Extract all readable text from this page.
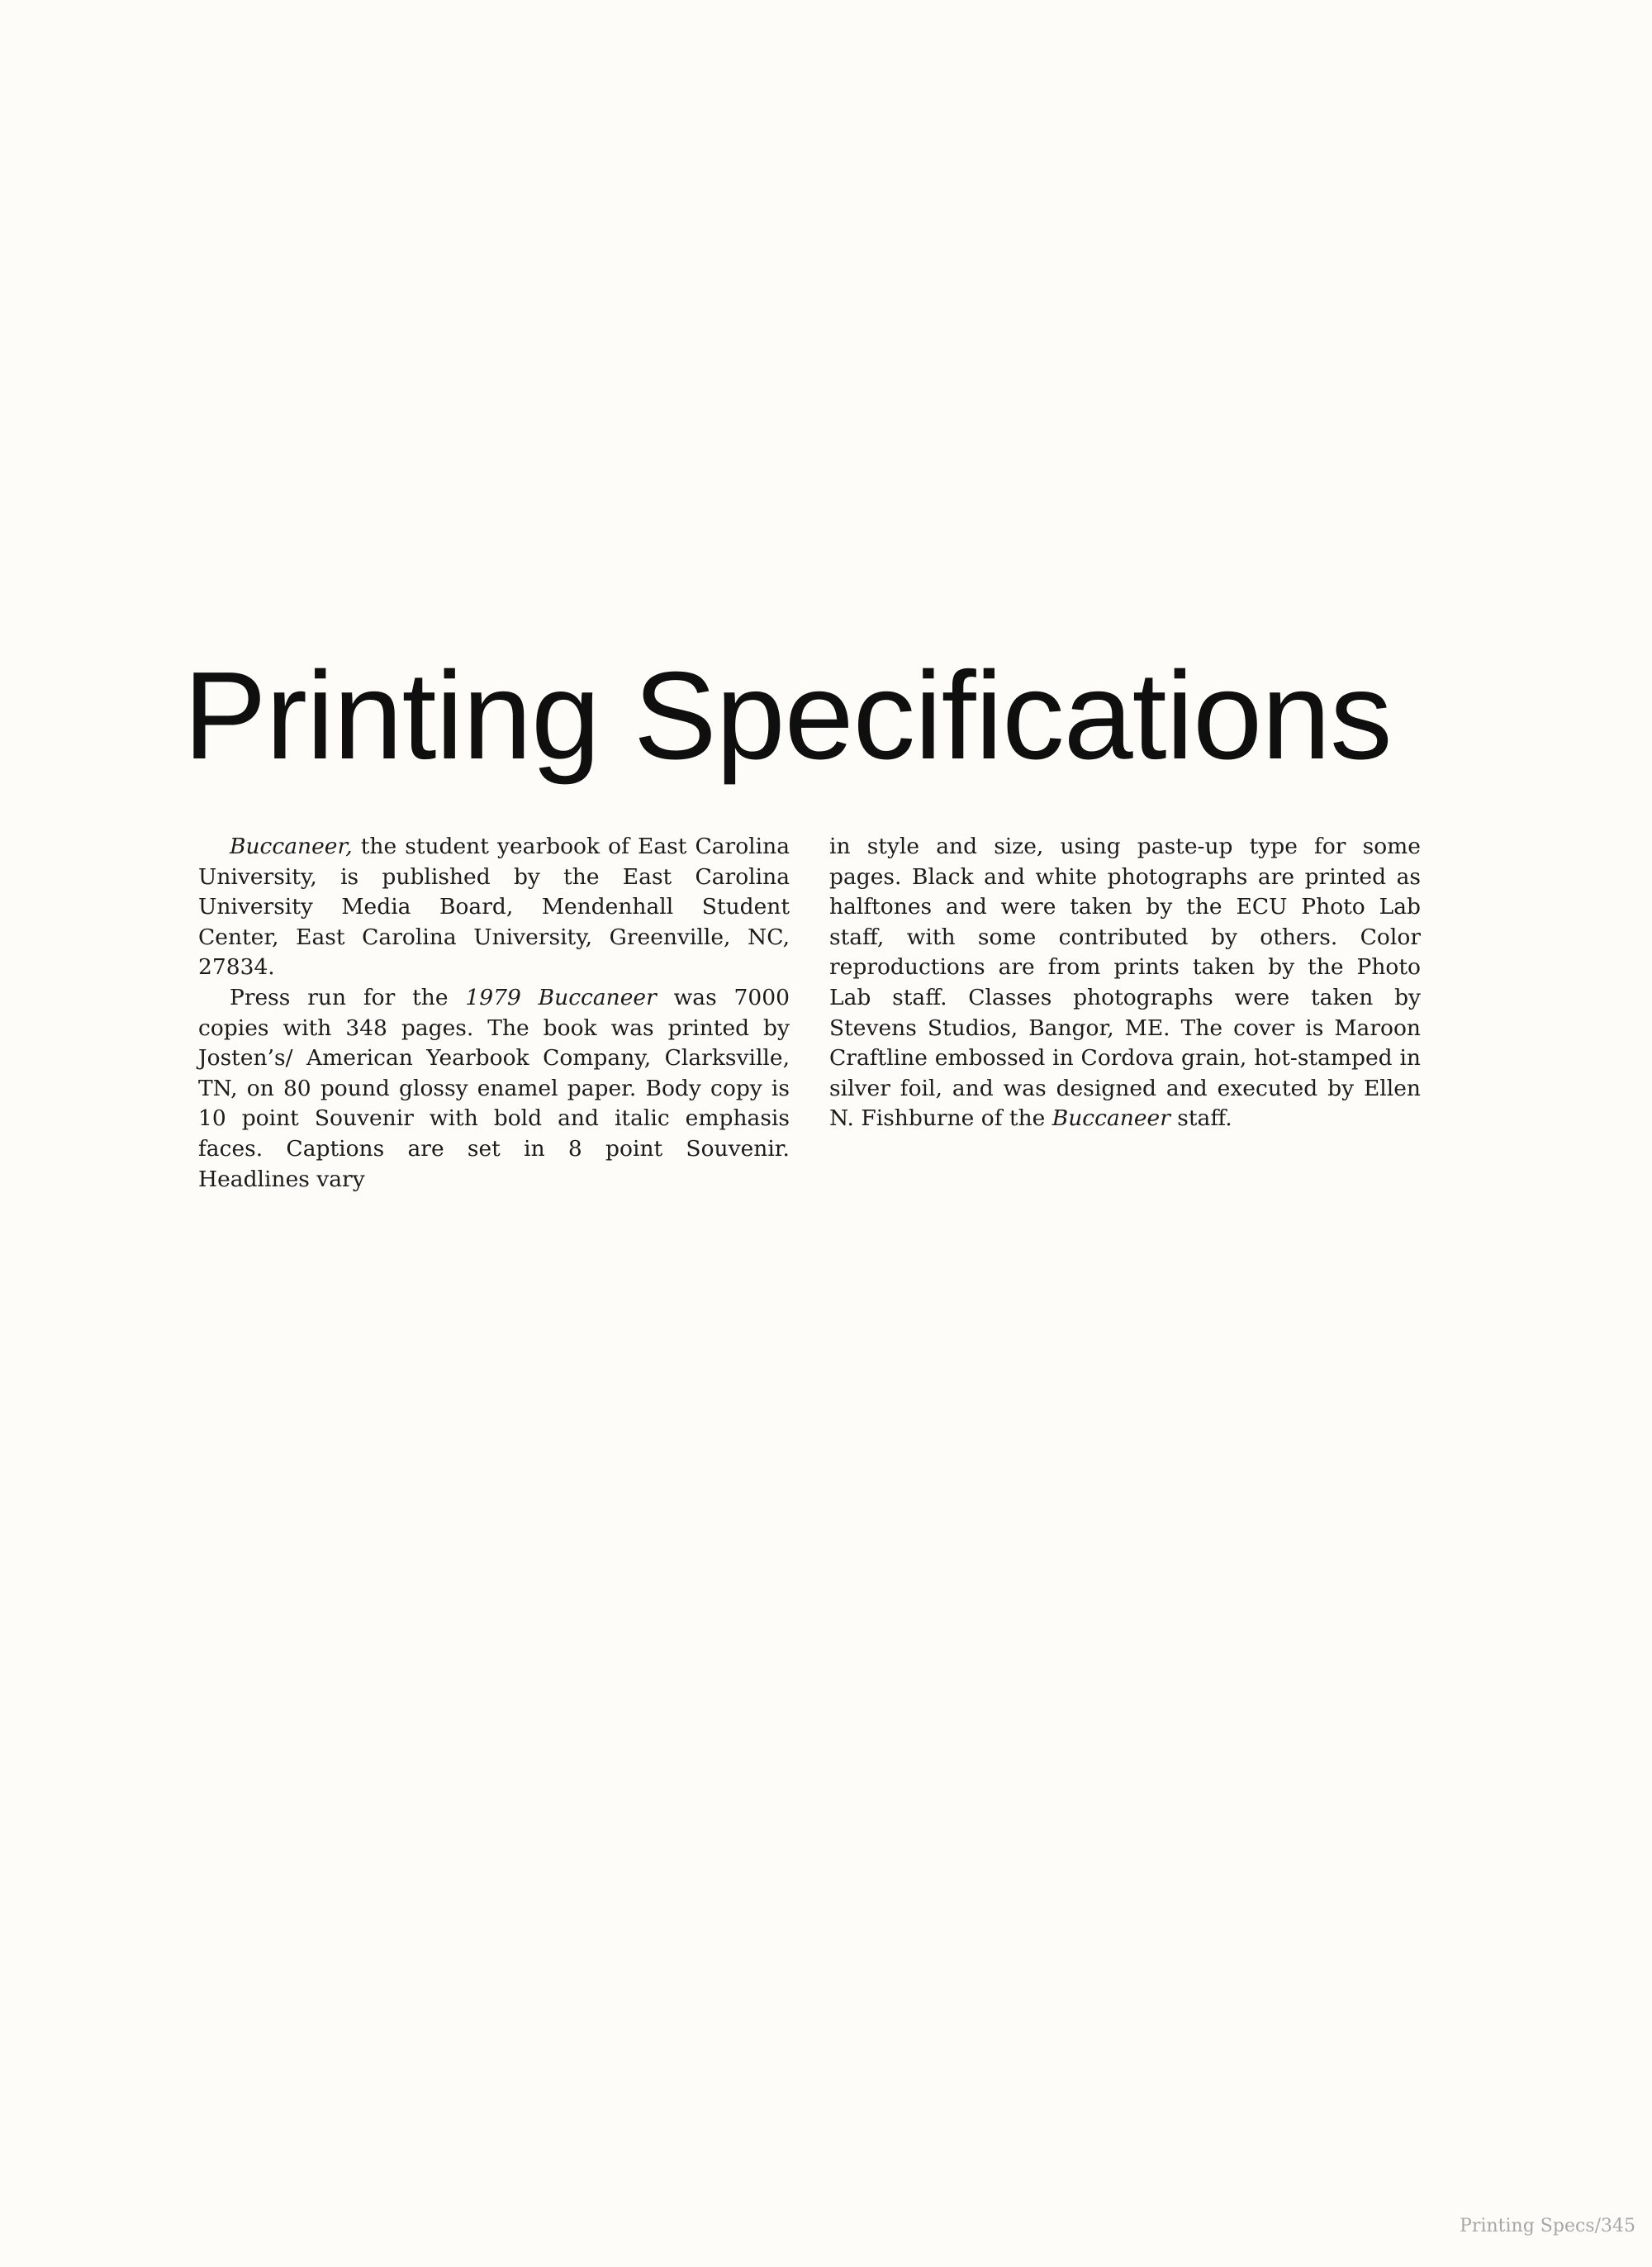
Printing Specifications

Buccaneer, the student yearbook of East Carolina University, is published by the East Carolina University Media Board, Mendenhall Student Center, East Carolina University, Greenville, NC, 27834.

Press run for the 1979 Buccaneer was 7000 copies with 348 pages. The book was printed by Josten’s/ American Yearbook Company, Clarksville, TN, on 80 pound glossy enamel paper. Body copy is 10 point Souvenir with bold and italic emphasis faces. Captions are set in 8 point Souvenir. Headlines vary

in style and size, using paste-up type for some pages. Black and white photographs are printed as halftones and were taken by the ECU Photo Lab staff, with some contributed by others. Color reproductions are from prints taken by the Photo Lab staff. Classes photographs were taken by Stevens Studios, Bangor, ME. The cover is Maroon Craftline embossed in Cordova grain, hot-stamped in silver foil, and was designed and executed by Ellen N. Fishburne of the Buccaneer staff.

Printing Specs/345
